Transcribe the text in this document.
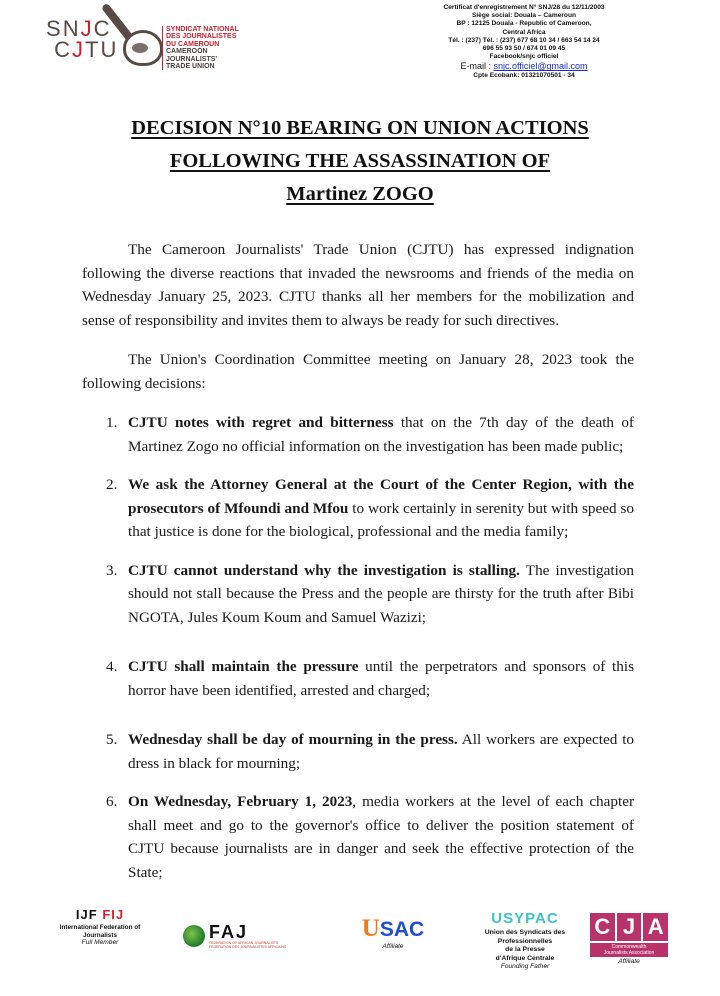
SNJC
CJTU
SYNDICAT NATIONAL
DES JOURNALISTES
DU CAMEROUN
CAMEROON
JOURNALISTS'
TRADE UNION
Certificat d'enregistrement N° SNJ/28 du 12/11/2003
Siège social: Douala – Cameroun
BP : 12125 Douala - Republic of Cameroon,
Central Africa
Tél. : (237) Tél. : (237) 677 68 10 34 / 663 54 14 24
696 55 93 50 / 674 01 09 45
Facebook/snjc officiel
E-mail : snjc.officiel@gmail.com
Cpte Ecobank: 01321070501 - 34
DECISION N°10 BEARING ON UNION ACTIONS
FOLLOWING THE ASSASSINATION OF
Martinez ZOGO

The Cameroon Journalists' Trade Union (CJTU) has expressed indignation following the diverse reactions that invaded the newsrooms and friends of the media on Wednesday January 25, 2023. CJTU thanks all her members for the mobilization and sense of responsibility and invites them to always be ready for such directives.

The Union's Coordination Committee meeting on January 28, 2023 took the following decisions:

1. CJTU notes with regret and bitterness that on the 7th day of the death of Martinez Zogo no official information on the investigation has been made public;
2. We ask the Attorney General at the Court of the Center Region, with the prosecutors of Mfoundi and Mfou to work certainly in serenity but with speed so that justice is done for the biological, professional and the media family;
3. CJTU cannot understand why the investigation is stalling. The investigation should not stall because the Press and the people are thirsty for the truth after Bibi NGOTA, Jules Koum Koum and Samuel Wazizi;
4. CJTU shall maintain the pressure until the perpetrators and sponsors of this horror have been identified, arrested and charged;
5. Wednesday shall be day of mourning in the press. All workers are expected to dress in black for mourning;
6. On Wednesday, February 1, 2023, media workers at the level of each chapter shall meet and go to the governor's office to deliver the position statement of CJTU because journalists are in danger and seek the effective protection of the State;
IJF FIJ
International Federation of Journalists
Full Member
FAJ
FEDERATION OF AFRICAN JOURNALISTS
FEDERATION DES JOURNALISTES AFRICAINS
USAC
Affiliate
USYPAC
Union des Syndicats des
Professionnelles
de la Presse
d'Afrique Centrale
Founding Father
C J A
Commonwealth
Journalists Association
Affiliate
